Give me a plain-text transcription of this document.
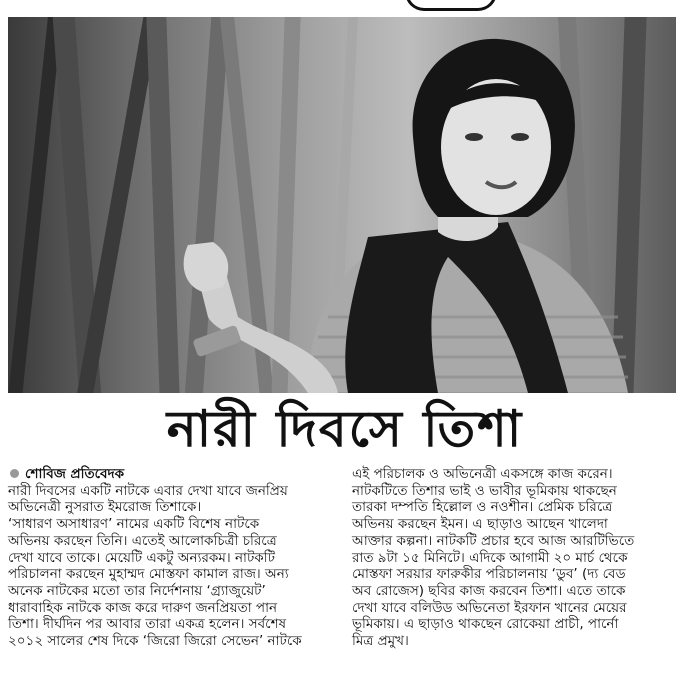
নারী দিবসে তিশা

শোবিজ প্রতিবেদক

নারী দিবসের একটি নাটকে এবার দেখা যাবে জনপ্রিয়

অভিনেত্রী নুসরাত ইমরোজ তিশাকে।

‘সাধারণ অসাধারণ’ নামের একটি বিশেষ নাটকে

অভিনয় করছেন তিনি। এতেই আলোকচিত্রী চরিত্রে

দেখা যাবে তাকে। মেয়েটি একটু অন্যরকম। নাটকটি

পরিচালনা করছেন মুহাম্মদ মোস্তফা কামাল রাজ। অন্য

অনেক নাটকের মতো তার নির্দেশনায় ‘গ্র্যাজুয়েট’

ধারাবাহিক নাটকে কাজ করে দারুণ জনপ্রিয়তা পান

তিশা। দীর্ঘদিন পর আবার তারা একত্র হলেন। সর্বশেষ

২০১২ সালের শেষ দিকে ‘জিরো জিরো সেভেন’ নাটকে

এই পরিচালক ও অভিনেত্রী একসঙ্গে কাজ করেন।

নাটকটিতে তিশার ভাই ও ভাবীর ভূমিকায় থাকছেন

তারকা দম্পতি হিল্লোল ও নওশীন। প্রেমিক চরিত্রে

অভিনয় করছেন ইমন। এ ছাড়াও আছেন খালেদা

আক্তার কল্পনা। নাটকটি প্রচার হবে আজ আরটিভিতে

রাত ৯টা ১৫ মিনিটে। এদিকে আগামী ২০ মার্চ থেকে

মোস্তফা সরয়ার ফারুকীর পরিচালনায় ‘ডুব’ (দ্য বেড

অব রোজেস) ছবির কাজ করবেন তিশা। এতে তাকে

দেখা যাবে বলিউড অভিনেতা ইরফান খানের মেয়ের

ভূমিকায়। এ ছাড়াও থাকছেন রোকেয়া প্রাচী, পার্নো

মিত্র প্রমুখ।
